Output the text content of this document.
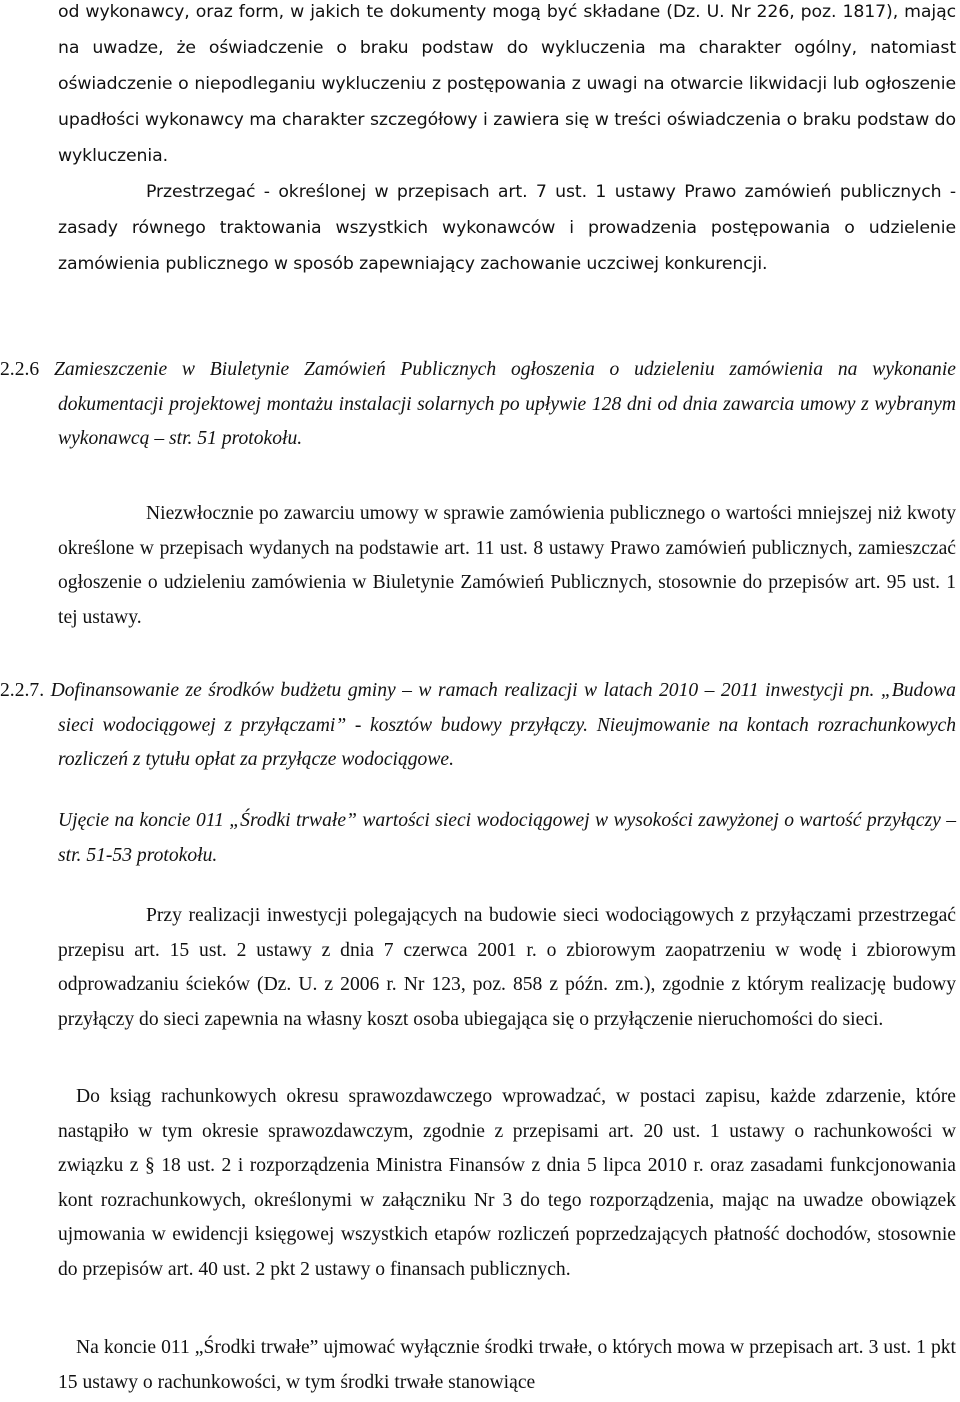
od wykonawcy, oraz form, w jakich te dokumenty mogą być składane (Dz. U. Nr 226, poz. 1817), mając na uwadze, że oświadczenie o braku podstaw do wykluczenia ma charakter ogólny, natomiast oświadczenie o niepodleganiu wykluczeniu z postępowania z uwagi na otwarcie likwidacji lub ogłoszenie upadłości wykonawcy ma charakter szczegółowy i zawiera się w treści oświadczenia o braku podstaw do wykluczenia.

Przestrzegać - określonej w przepisach art. 7 ust. 1 ustawy Prawo zamówień publicznych - zasady równego traktowania wszystkich wykonawców i prowadzenia postępowania o udzielenie zamówienia publicznego w sposób zapewniający zachowanie uczciwej konkurencji.

2.2.6 Zamieszczenie w Biuletynie Zamówień Publicznych ogłoszenia o udzieleniu zamówienia na wykonanie dokumentacji projektowej montażu instalacji solarnych po upływie 128 dni od dnia zawarcia umowy z wybranym wykonawcą – str. 51 protokołu.

Niezwłocznie po zawarciu umowy w sprawie zamówienia publicznego o wartości mniejszej niż kwoty określone w przepisach wydanych na podstawie art. 11 ust. 8 ustawy Prawo zamówień publicznych, zamieszczać ogłoszenie o udzieleniu zamówienia w Biuletynie Zamówień Publicznych, stosownie do przepisów art. 95 ust. 1 tej ustawy.

2.2.7. Dofinansowanie ze środków budżetu gminy – w ramach realizacji w latach 2010 – 2011 inwestycji pn. „Budowa sieci wodociągowej z przyłączami” - kosztów budowy przyłączy. Nieujmowanie na kontach rozrachunkowych rozliczeń z tytułu opłat za przyłącze wodociągowe.

Ujęcie na koncie 011 „Środki trwałe” wartości sieci wodociągowej w wysokości zawyżonej o wartość przyłączy – str. 51-53 protokołu.

Przy realizacji inwestycji polegających na budowie sieci wodociągowych z przyłączami przestrzegać przepisu art. 15 ust. 2 ustawy z dnia 7 czerwca 2001 r. o zbiorowym zaopatrzeniu w wodę i zbiorowym odprowadzaniu ścieków (Dz. U. z 2006 r. Nr 123, poz. 858 z późn. zm.), zgodnie z którym realizację budowy przyłączy do sieci zapewnia na własny koszt osoba ubiegająca się o przyłączenie nieruchomości do sieci.

Do ksiąg rachunkowych okresu sprawozdawczego wprowadzać, w postaci zapisu, każde zdarzenie, które nastąpiło w tym okresie sprawozdawczym, zgodnie z przepisami art. 20 ust. 1 ustawy o rachunkowości w związku z § 18 ust. 2 i rozporządzenia Ministra Finansów z dnia 5 lipca 2010 r. oraz zasadami funkcjonowania kont rozrachunkowych, określonymi w załączniku Nr 3 do tego rozporządzenia, mając na uwadze obowiązek ujmowania w ewidencji księgowej wszystkich etapów rozliczeń poprzedzających płatność dochodów, stosownie do przepisów art. 40 ust. 2 pkt 2 ustawy o finansach publicznych.

Na koncie 011 „Środki trwałe” ujmować wyłącznie środki trwałe, o których mowa w przepisach art. 3 ust. 1 pkt 15 ustawy o rachunkowości, w tym środki trwałe stanowiące
